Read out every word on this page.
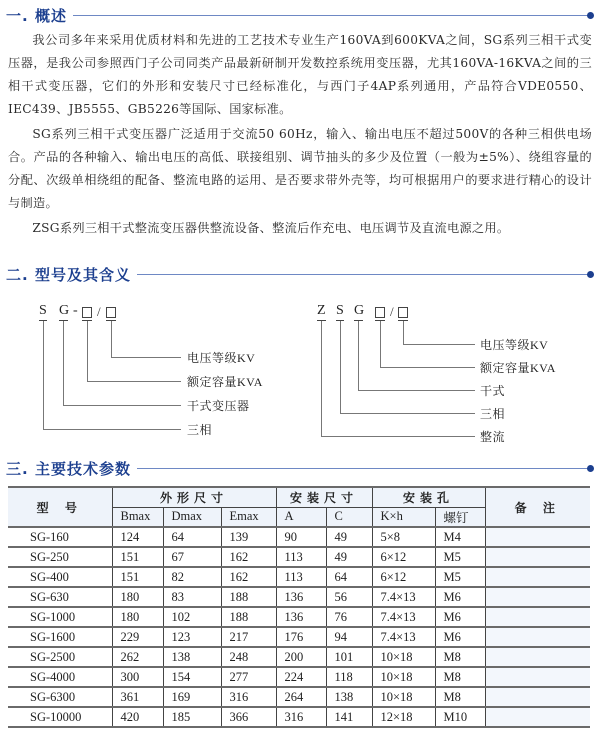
一. 概述

我公司多年来采用优质材料和先进的工艺技术专业生产160VA到600KVA之间，SG系列三相干式变压器，是我公司参照西门子公司同类产品最新研制开发数控系统用变压器，尤其160VA-16KVA之间的三相干式变压器，它们的外形和安装尺寸已经标准化，与西门子4AP系列通用，产品符合VDE0550、IEC439、JB5555、GB5226等国际、国家标准。

SG系列三相干式变压器广泛适用于交流50 60Hz，输入、输出电压不超过500V的各种三相供电场合。产品的各种输入、输出电压的高低、联接组别、调节抽头的多少及位置（一般为±5%）、绕组容量的分配、次级单相绕组的配备、整流电路的运用、是否要求带外壳等，均可根据用户的要求进行精心的设计与制造。

ZSG系列三相干式整流变压器供整流设备、整流后作充电、电压调节及直流电源之用。

二. 型号及其含义
S G - /
电压等级KV
额定容量KVA
干式变压器
三相
Z S G /
电压等级KV
额定容量KVA
干式
三相
整流
三. 主要技术参数
型 号	外形尺寸			安装尺寸		安装孔		备 注
	Bmax	Dmax	Emax	A	C	K×h	螺钉	
SG-160	124	64	139	90	49	5×8	M4	
SG-250	151	67	162	113	49	6×12	M5	
SG-400	151	82	162	113	64	6×12	M5	
SG-630	180	83	188	136	56	7.4×13	M6	
SG-1000	180	102	188	136	76	7.4×13	M6	
SG-1600	229	123	217	176	94	7.4×13	M6	
SG-2500	262	138	248	200	101	10×18	M8	
SG-4000	300	154	277	224	118	10×18	M8	
SG-6300	361	169	316	264	138	10×18	M8	
SG-10000	420	185	366	316	141	12×18	M10	
